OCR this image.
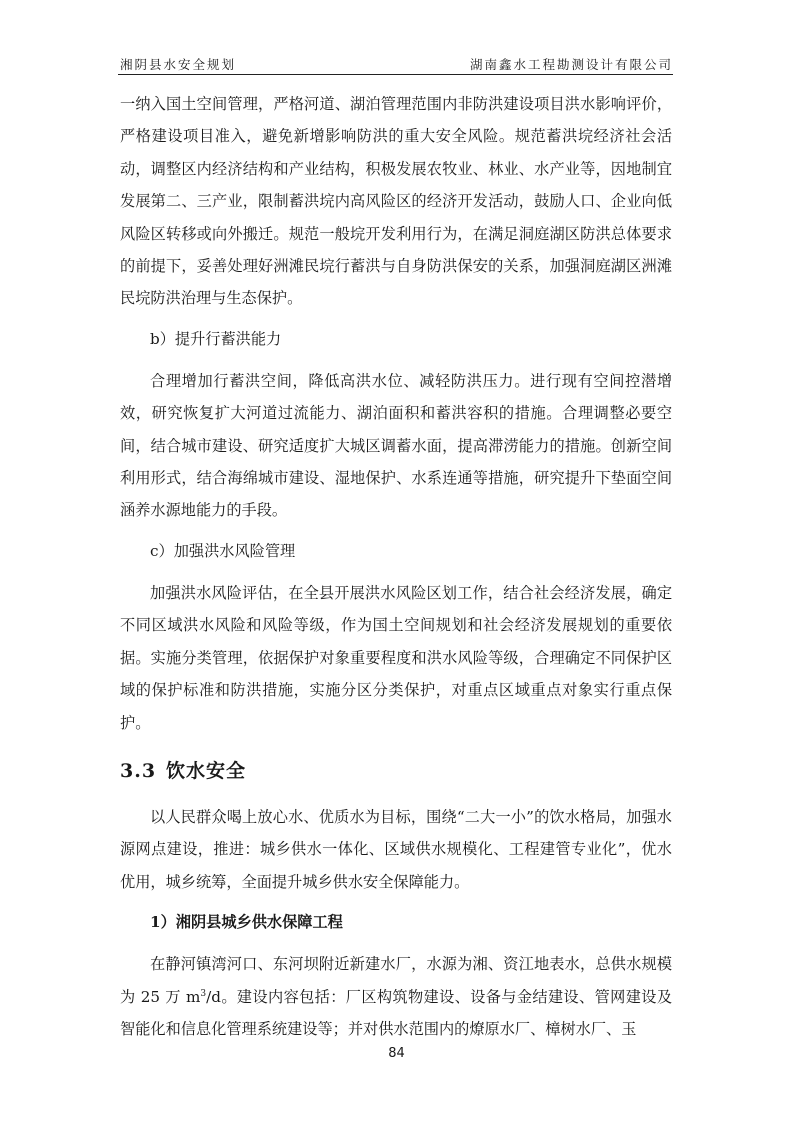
湘阴县水安全规划	湖南鑫水工程勘测设计有限公司

一纳入国土空间管理，严格河道、湖泊管理范围内非防洪建设项目洪水影响评价，严格建设项目准入，避免新增影响防洪的重大安全风险。规范蓄洪垸经济社会活动，调整区内经济结构和产业结构，积极发展农牧业、林业、水产业等，因地制宜发展第二、三产业，限制蓄洪垸内高风险区的经济开发活动，鼓励人口、企业向低风险区转移或向外搬迁。规范一般垸开发利用行为，在满足洞庭湖区防洪总体要求的前提下，妥善处理好洲滩民垸行蓄洪与自身防洪保安的关系，加强洞庭湖区洲滩民垸防洪治理与生态保护。

b）提升行蓄洪能力

合理增加行蓄洪空间，降低高洪水位、减轻防洪压力。进行现有空间控潜增效，研究恢复扩大河道过流能力、湖泊面积和蓄洪容积的措施。合理调整必要空间，结合城市建设、研究适度扩大城区调蓄水面，提高滞涝能力的措施。创新空间利用形式，结合海绵城市建设、湿地保护、水系连通等措施，研究提升下垫面空间涵养水源地能力的手段。

c）加强洪水风险管理

加强洪水风险评估，在全县开展洪水风险区划工作，结合社会经济发展，确定不同区域洪水风险和风险等级，作为国土空间规划和社会经济发展规划的重要依据。实施分类管理，依据保护对象重要程度和洪水风险等级，合理确定不同保护区域的保护标准和防洪措施，实施分区分类保护，对重点区域重点对象实行重点保护。

3.3 饮水安全

以人民群众喝上放心水、优质水为目标，围绕“二大一小”的饮水格局，加强水源网点建设，推进：城乡供水一体化、区域供水规模化、工程建管专业化”，优水优用，城乡统筹，全面提升城乡供水安全保障能力。

1）湘阴县城乡供水保障工程

在静河镇湾河口、东河坝附近新建水厂，水源为湘、资江地表水，总供水规模为 25 万 $m^3/d$。建设内容包括：厂区构筑物建设、设备与金结建设、管网建设及智能化和信息化管理系统建设等；并对供水范围内的燎原水厂、樟树水厂、玉

84
